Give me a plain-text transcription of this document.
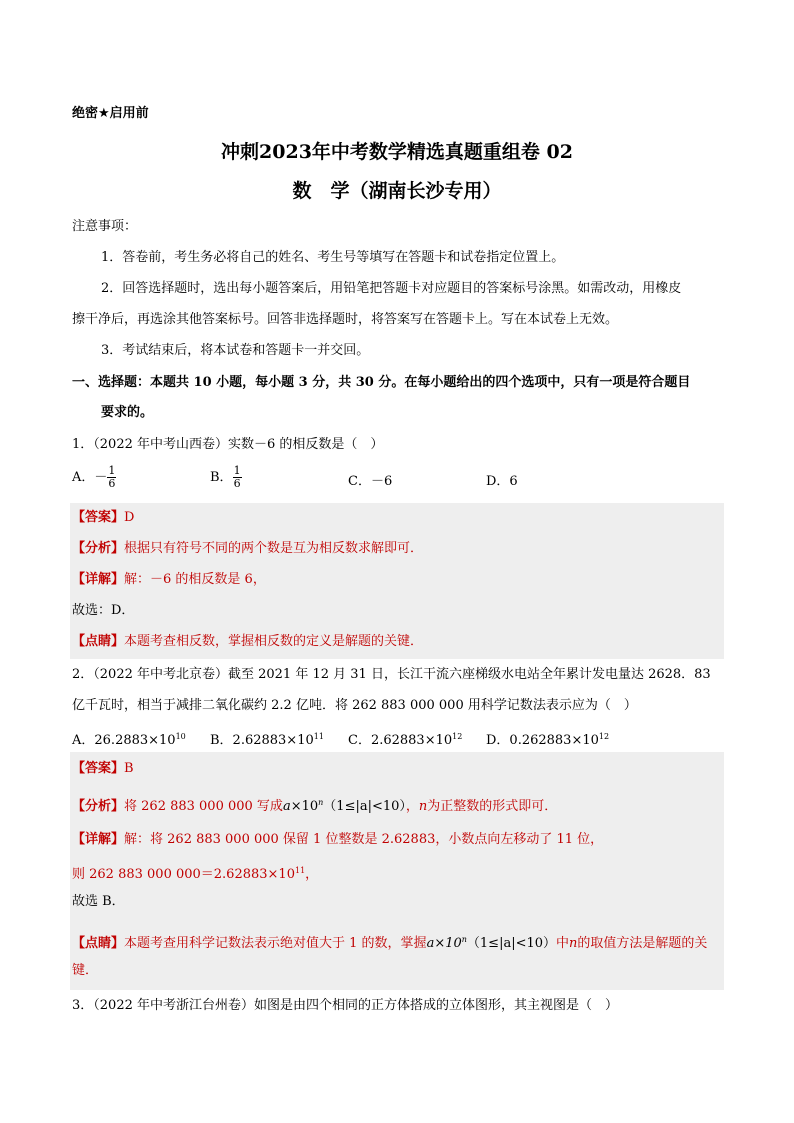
绝密★启用前
冲刺2023年中考数学精选真题重组卷 02
数　学（湖南长沙专用）
注意事项：
1．答卷前，考生务必将自己的姓名、考生号等填写在答题卡和试卷指定位置上。
2．回答选择题时，选出每小题答案后，用铅笔把答题卡对应题目的答案标号涂黑。如需改动，用橡皮
擦干净后，再选涂其他答案标号。回答非选择题时，将答案写在答题卡上。写在本试卷上无效。
3．考试结束后，将本试卷和答题卡一并交回。
一、选择题：本题共 10 小题，每小题 3 分，共 30 分。在每小题给出的四个选项中，只有一项是符合题目
要求的。
1．（2022 年中考山西卷）实数－6 的相反数是（　）
A．－ $\frac{1}{6}$	B． $\frac{1}{6}$	C．－6	D．6
【答案】D
【分析】根据只有符号不同的两个数是互为相反数求解即可．
【详解】解：－6 的相反数是 6，
故选：D．
【点睛】本题考查相反数，掌握相反数的定义是解题的关键．
2．（2022 年中考北京卷）截至 2021 年 12 月 31 日，长江干流六座梯级水电站全年累计发电量达 2628．83
亿千瓦时，相当于减排二氧化碳约 2.2 亿吨．将 262 883 000 000 用科学记数法表示应为（　）
A．$26.2883\times 10^{10}$ B．$2.62883\times 10^{11}$ C．$2.62883\times 10^{12}$ D．$0.262883\times 10^{12}$
【答案】B
【分析】将 262 883 000 000 写成$a\times 10^n(1\le|a|<10)$，n为正整数的形式即可．
【详解】解：将 262 883 000 000 保留 1 位整数是 2.62883，小数点向左移动了 11 位，
则 262 883 000 $000=2.62883\times 10^{11}$，
故选 B．
【点睛】本题考查用科学记数法表示绝对值大于 1 的数，掌握$a\times 10^n(1\le|a|<10)$中n的取值方法是解题的关
键．
3．（2022 年中考浙江台州卷）如图是由四个相同的正方体搭成的立体图形，其主视图是（　）
